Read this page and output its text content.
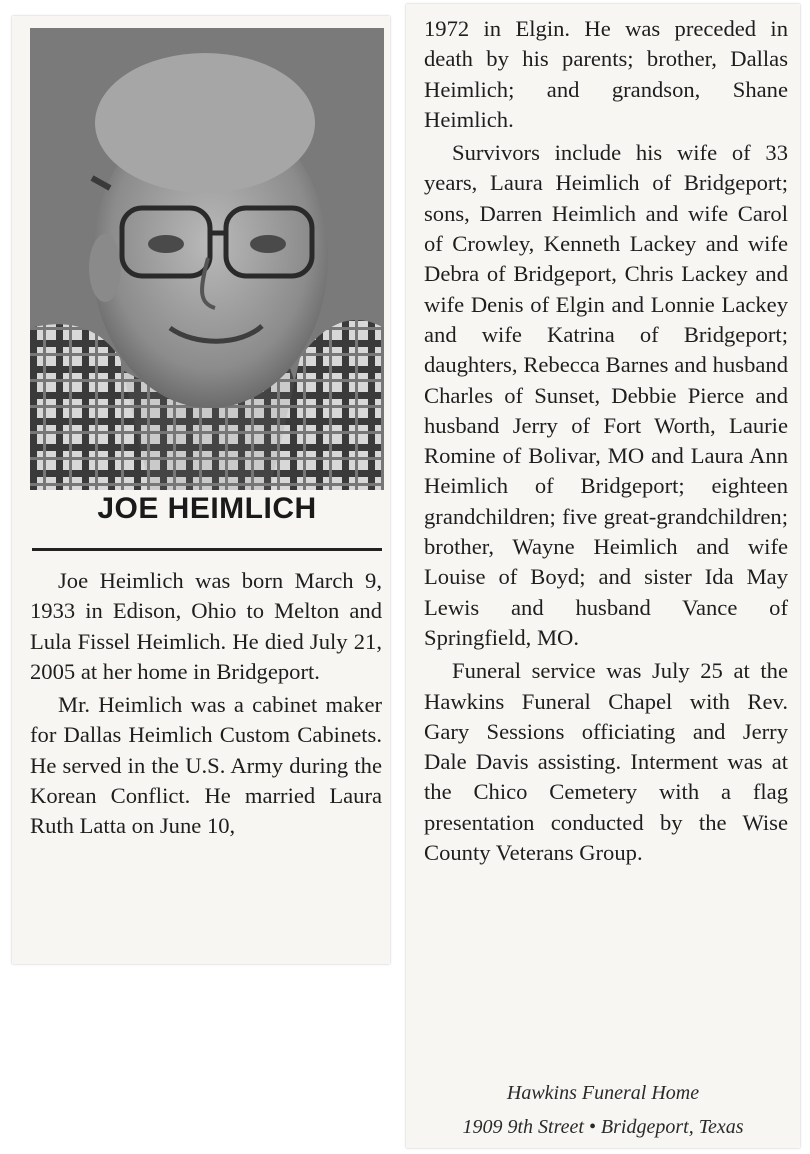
JOE HEIMLICH

Joe Heimlich was born March 9, 1933 in Edison, Ohio to Melton and Lula Fissel Heimlich. He died July 21, 2005 at her home in Bridgeport.

Mr. Heimlich was a cabinet maker for Dallas Heimlich Custom Cabinets. He served in the U.S. Army during the Korean Conflict. He married Laura Ruth Latta on June 10,

1972 in Elgin. He was preceded in death by his parents; brother, Dallas Heimlich; and grandson, Shane Heimlich.

Survivors include his wife of 33 years, Laura Heimlich of Bridgeport; sons, Darren Heimlich and wife Carol of Crowley, Kenneth Lackey and wife Debra of Bridgeport, Chris Lackey and wife Denis of Elgin and Lonnie Lackey and wife Katrina of Bridgeport; daughters, Rebecca Barnes and husband Charles of Sunset, Debbie Pierce and husband Jerry of Fort Worth, Laurie Romine of Bolivar, MO and Laura Ann Heimlich of Bridgeport; eighteen grandchildren; five great-grandchildren; brother, Wayne Heimlich and wife Louise of Boyd; and sister Ida May Lewis and husband Vance of Springfield, MO.

Funeral service was July 25 at the Hawkins Funeral Chapel with Rev. Gary Sessions officiating and Jerry Dale Davis assisting. Interment was at the Chico Cemetery with a flag presentation conducted by the Wise County Veterans Group.

Hawkins Funeral Home
1909 9th Street • Bridgeport, Texas
